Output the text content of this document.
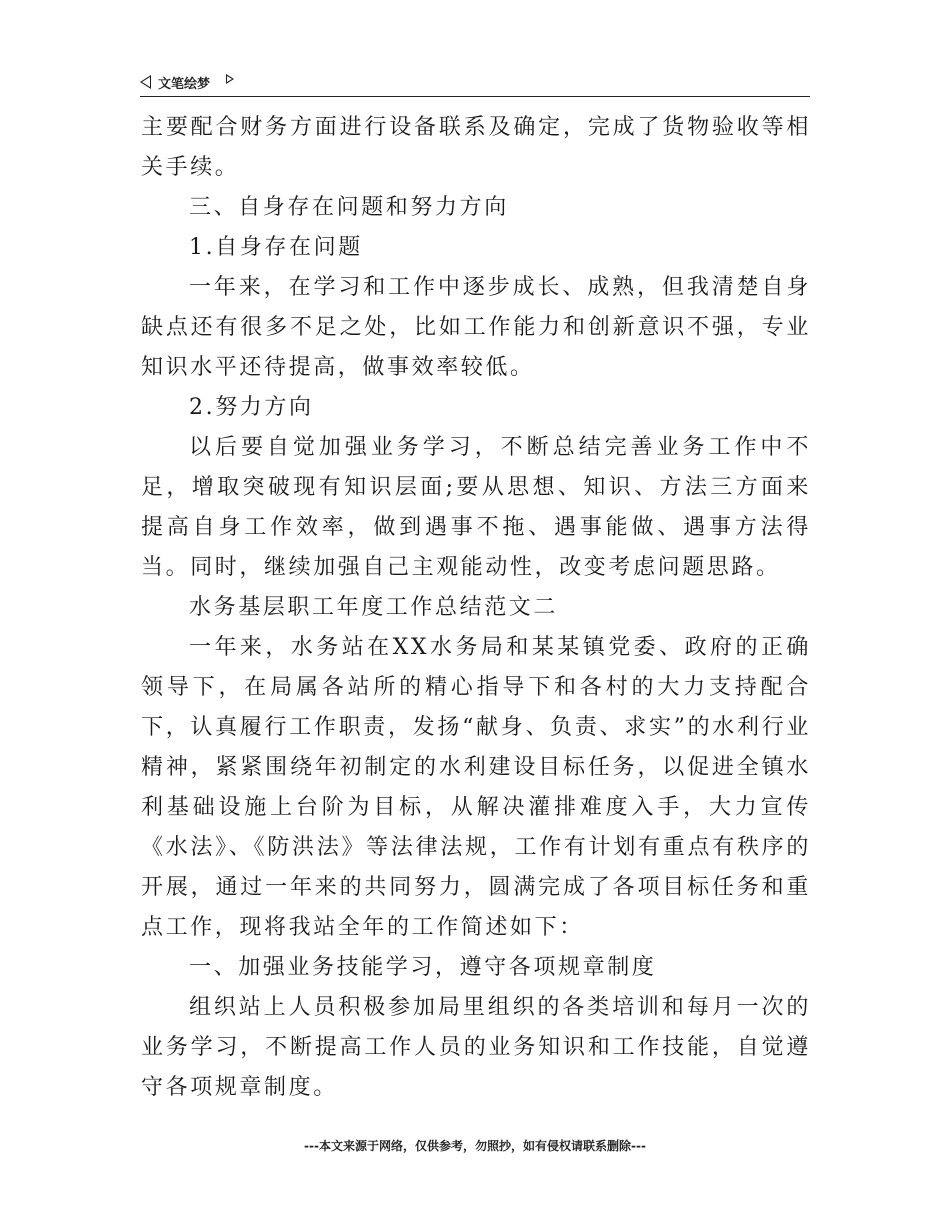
文笔绘梦

主要配合财务方面进行设备联系及确定，完成了货物验收等相关手续。

三、自身存在问题和努力方向

1.自身存在问题

一年来，在学习和工作中逐步成长、成熟，但我清楚自身缺点还有很多不足之处，比如工作能力和创新意识不强，专业知识水平还待提高，做事效率较低。

2.努力方向

以后要自觉加强业务学习，不断总结完善业务工作中不足，增取突破现有知识层面;要从思想、知识、方法三方面来提高自身工作效率，做到遇事不拖、遇事能做、遇事方法得当。同时，继续加强自己主观能动性，改变考虑问题思路。

水务基层职工年度工作总结范文二

一年来，水务站在XX水务局和某某镇党委、政府的正确领导下，在局属各站所的精心指导下和各村的大力支持配合下，认真履行工作职责，发扬“献身、负责、求实”的水利行业精神，紧紧围绕年初制定的水利建设目标任务，以促进全镇水利基础设施上台阶为目标，从解决灌排难度入手，大力宣传《水法》、《防洪法》等法律法规，工作有计划有重点有秩序的开展，通过一年来的共同努力，圆满完成了各项目标任务和重点工作，现将我站全年的工作简述如下：

一、加强业务技能学习，遵守各项规章制度

组织站上人员积极参加局里组织的各类培训和每月一次的业务学习，不断提高工作人员的业务知识和工作技能，自觉遵守各项规章制度。

---本文来源于网络，仅供参考，勿照抄，如有侵权请联系删除---
